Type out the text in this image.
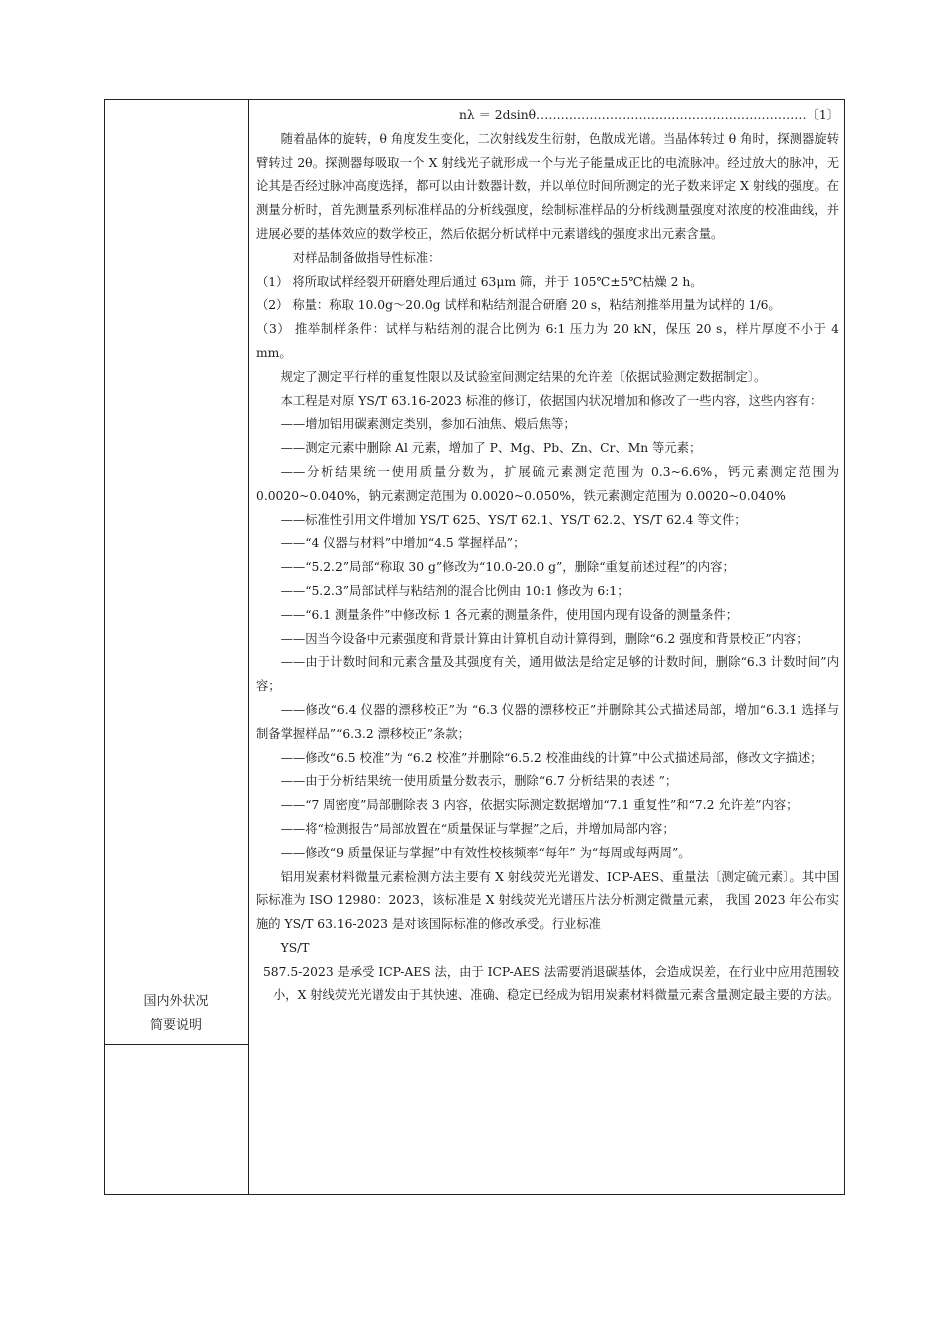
国内外状况
简要说明

nλ ＝ 2dsinθ…………………………………………………………〔1〕

随着晶体的旋转，θ 角度发生变化，二次射线发生衍射，色散成光谱。当晶体转过 θ 角时，探测器旋转臂转过 2θ。探测器每吸取一个 X 射线光子就形成一个与光子能量成正比的电流脉冲。经过放大的脉冲，无论其是否经过脉冲高度选择，都可以由计数器计数，并以单位时间所测定的光子数来评定 X 射线的强度。在测量分析时，首先测量系列标准样品的分析线强度，绘制标准样品的分析线测量强度对浓度的校准曲线，并进展必要的基体效应的数学校正，然后依据分析试样中元素谱线的强度求出元素含量。

对样品制备做指导性标准：

（1） 将所取试样经裂开研磨处理后通过 63μm 筛，并于 105℃±5℃枯燥 2 h。

（2） 称量：称取 10.0g～20.0g 试样和粘结剂混合研磨 20 s，粘结剂推举用量为试样的 1/6。

（3） 推举制样条件：试样与粘结剂的混合比例为 6:1 压力为 20 kN，保压 20 s，样片厚度不小于 4 mm。

规定了测定平行样的重复性限以及试验室间测定结果的允许差〔依据试验测定数据制定〕。

本工程是对原 YS/T 63.16-2023 标准的修订，依据国内状况增加和修改了一些内容，这些内容有：

——增加铝用碳素测定类别，参加石油焦、煅后焦等；

——测定元素中删除 Al 元素，增加了 P、Mg、Pb、Zn、Cr、Mn 等元素；

——分析结果统一使用质量分数为，扩展硫元素测定范围为 0.3~6.6%，钙元素测定范围为 0.0020~0.040%，钠元素测定范围为 0.0020~0.050%，铁元素测定范围为 0.0020~0.040%

——标准性引用文件增加 YS/T 625、YS/T 62.1、YS/T 62.2、YS/T 62.4 等文件；

——“4 仪器与材料”中增加“4.5 掌握样品”；

——“5.2.2”局部“称取 30 g”修改为“10.0-20.0 g”，删除“重复前述过程”的内容；

——“5.2.3”局部试样与粘结剂的混合比例由 10:1 修改为 6:1；

——“6.1 测量条件”中修改标 1 各元素的测量条件，使用国内现有设备的测量条件；

——因当今设备中元素强度和背景计算由计算机自动计算得到，删除“6.2 强度和背景校正”内容；

——由于计数时间和元素含量及其强度有关，通用做法是给定足够的计数时间，删除“6.3 计数时间”内容；

——修改“6.4 仪器的漂移校正”为 “6.3 仪器的漂移校正”并删除其公式描述局部，增加“6.3.1 选择与制备掌握样品”“6.3.2 漂移校正”条款；

——修改“6.5 校准”为 “6.2 校准”并删除“6.5.2 校准曲线的计算”中公式描述局部，修改文字描述；

——由于分析结果统一使用质量分数表示，删除“6.7 分析结果的表述 ”；

——“7 周密度”局部删除表 3 内容，依据实际测定数据增加“7.1 重复性”和“7.2 允许差”内容；

——将“检测报告”局部放置在“质量保证与掌握”之后，并增加局部内容；

——修改“9 质量保证与掌握”中有效性校核频率“每年” 为“每周或每两周”。

铝用炭素材料微量元素检测方法主要有 X 射线荧光光谱发、ICP-AES、重量法〔测定硫元素〕。其中国际标准为 ISO 12980：2023，该标准是 X 射线荧光光谱压片法分析测定微量元素， 我国 2023 年公布实施的 YS/T 63.16-2023 是对该国际标准的修改承受。行业标准

YS/T

587.5-2023 是承受 ICP-AES 法，由于 ICP-AES 法需要消退碳基体，会造成误差，在行业中应用范围较小，X 射线荧光光谱发由于其快速、准确、稳定已经成为铝用炭素材料微量元素含量测定最主要的方法。
